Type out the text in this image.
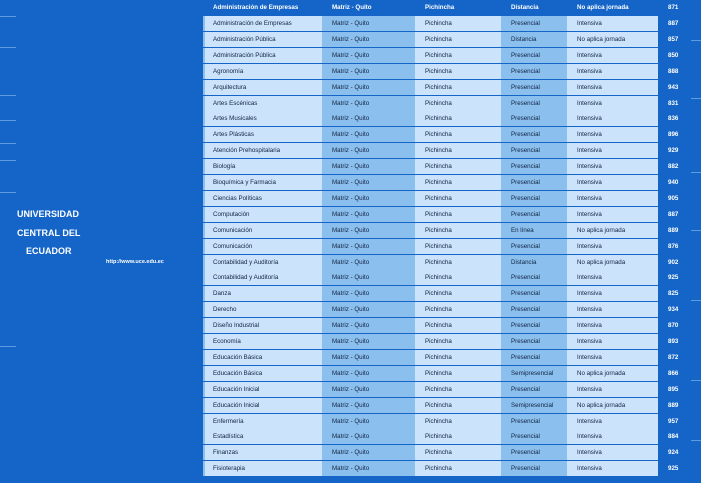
UNIVERSIDAD
CENTRAL DEL
ECUADOR
http://www.uce.edu.ec
Administración de Empresas	Matriz - Quito	Pichincha	Distancia	No aplica jornada	871
Administración de Empresas	Matriz - Quito	Pichincha	Presencial	Intensiva	887
Administración Pública	Matriz - Quito	Pichincha	Distancia	No aplica jornada	857
Administración Pública	Matriz - Quito	Pichincha	Presencial	Intensiva	850
Agronomía	Matriz - Quito	Pichincha	Presencial	Intensiva	888
Arquitectura	Matriz - Quito	Pichincha	Presencial	Intensiva	943
Artes Escénicas	Matriz - Quito	Pichincha	Presencial	Intensiva	831
Artes Musicales	Matriz - Quito	Pichincha	Presencial	Intensiva	836
Artes Plásticas	Matriz - Quito	Pichincha	Presencial	Intensiva	896
Atención Prehospitalaria	Matriz - Quito	Pichincha	Presencial	Intensiva	929
Biología	Matriz - Quito	Pichincha	Presencial	Intensiva	882
Bioquímica y Farmacia	Matriz - Quito	Pichincha	Presencial	Intensiva	940
Ciencias Políticas	Matriz - Quito	Pichincha	Presencial	Intensiva	905
Computación	Matriz - Quito	Pichincha	Presencial	Intensiva	887
Comunicación	Matriz - Quito	Pichincha	En línea	No aplica jornada	889
Comunicación	Matriz - Quito	Pichincha	Presencial	Intensiva	876
Contabilidad y Auditoría	Matriz - Quito	Pichincha	Distancia	No aplica jornada	902
Contabilidad y Auditoría	Matriz - Quito	Pichincha	Presencial	Intensiva	925
Danza	Matriz - Quito	Pichincha	Presencial	Intensiva	825
Derecho	Matriz - Quito	Pichincha	Presencial	Intensiva	934
Diseño Industrial	Matriz - Quito	Pichincha	Presencial	Intensiva	870
Economía	Matriz - Quito	Pichincha	Presencial	Intensiva	893
Educación Básica	Matriz - Quito	Pichincha	Presencial	Intensiva	872
Educación Básica	Matriz - Quito	Pichincha	Semipresencial	No aplica jornada	866
Educación Inicial	Matriz - Quito	Pichincha	Presencial	Intensiva	895
Educación Inicial	Matriz - Quito	Pichincha	Semipresencial	No aplica jornada	889
Enfermería	Matriz - Quito	Pichincha	Presencial	Intensiva	957
Estadística	Matriz - Quito	Pichincha	Presencial	Intensiva	884
Finanzas	Matriz - Quito	Pichincha	Presencial	Intensiva	924
Fisioterapia	Matriz - Quito	Pichincha	Presencial	Intensiva	925
